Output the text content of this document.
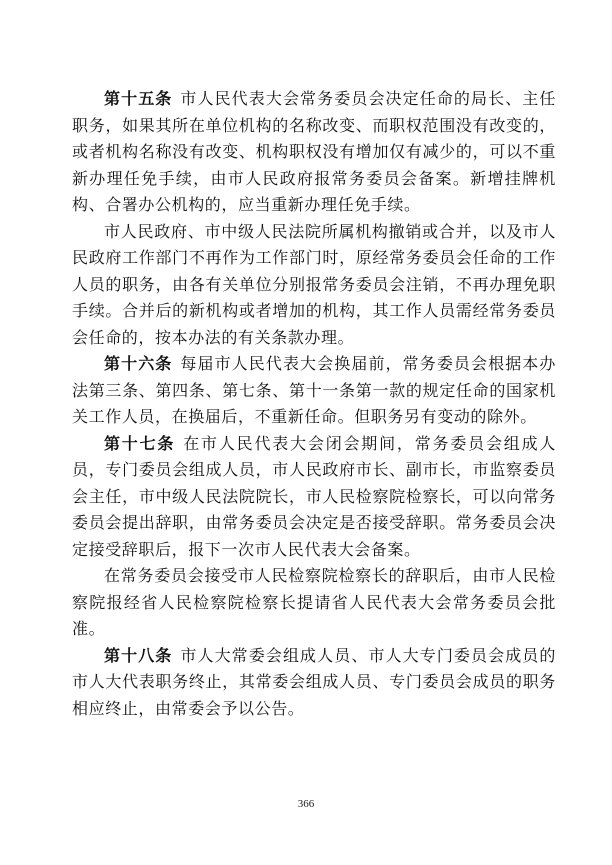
第十五条 市人民代表大会常务委员会决定任命的局长、主任职务，如果其所在单位机构的名称改变、而职权范围没有改变的，或者机构名称没有改变、机构职权没有增加仅有减少的，可以不重新办理任免手续，由市人民政府报常务委员会备案。新增挂牌机构、合署办公机构的，应当重新办理任免手续。

市人民政府、市中级人民法院所属机构撤销或合并，以及市人民政府工作部门不再作为工作部门时，原经常务委员会任命的工作人员的职务，由各有关单位分别报常务委员会注销，不再办理免职手续。合并后的新机构或者增加的机构，其工作人员需经常务委员会任命的，按本办法的有关条款办理。

第十六条 每届市人民代表大会换届前，常务委员会根据本办法第三条、第四条、第七条、第十一条第一款的规定任命的国家机关工作人员，在换届后，不重新任命。但职务另有变动的除外。

第十七条 在市人民代表大会闭会期间，常务委员会组成人员，专门委员会组成人员，市人民政府市长、副市长，市监察委员会主任，市中级人民法院院长，市人民检察院检察长，可以向常务委员会提出辞职，由常务委员会决定是否接受辞职。常务委员会决定接受辞职后，报下一次市人民代表大会备案。

在常务委员会接受市人民检察院检察长的辞职后，由市人民检察院报经省人民检察院检察长提请省人民代表大会常务委员会批准。

第十八条 市人大常委会组成人员、市人大专门委员会成员的市人大代表职务终止，其常委会组成人员、专门委员会成员的职务相应终止，由常委会予以公告。

366
